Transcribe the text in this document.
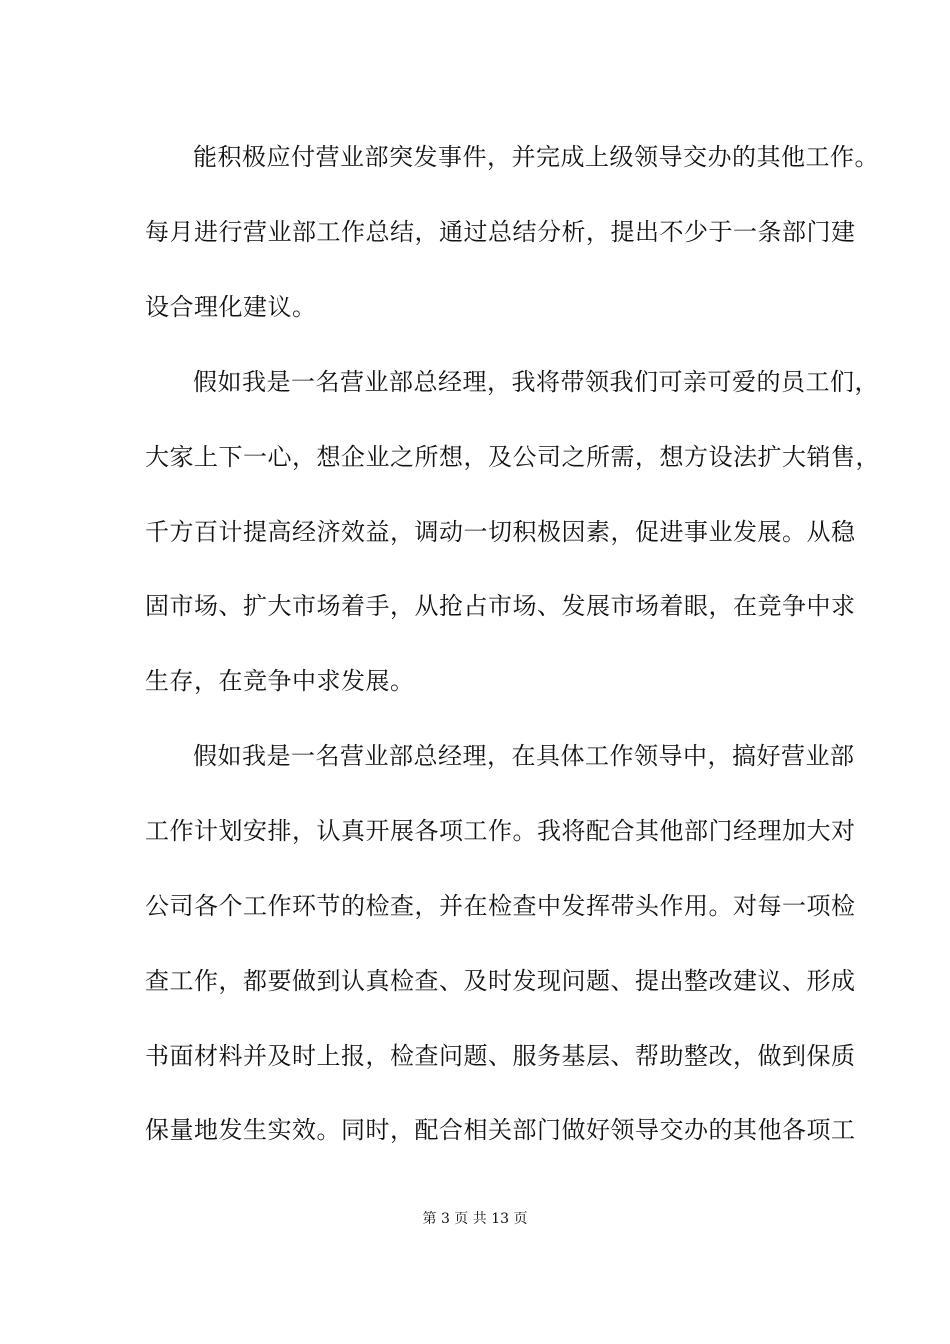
能积极应付营业部突发事件，并完成上级领导交办的其他工作。
每月进行营业部工作总结，通过总结分析，提出不少于一条部门建
设合理化建议。
假如我是一名营业部总经理，我将带领我们可亲可爱的员工们，
大家上下一心，想企业之所想，及公司之所需，想方设法扩大销售，
千方百计提高经济效益，调动一切积极因素，促进事业发展。从稳
固市场、扩大市场着手，从抢占市场、发展市场着眼，在竞争中求
生存，在竞争中求发展。
假如我是一名营业部总经理，在具体工作领导中，搞好营业部
工作计划安排，认真开展各项工作。我将配合其他部门经理加大对
公司各个工作环节的检查，并在检查中发挥带头作用。对每一项检
查工作，都要做到认真检查、及时发现问题、提出整改建议、形成
书面材料并及时上报，检查问题、服务基层、帮助整改，做到保质
保量地发生实效。同时，配合相关部门做好领导交办的其他各项工
第 3 页 共 13 页
